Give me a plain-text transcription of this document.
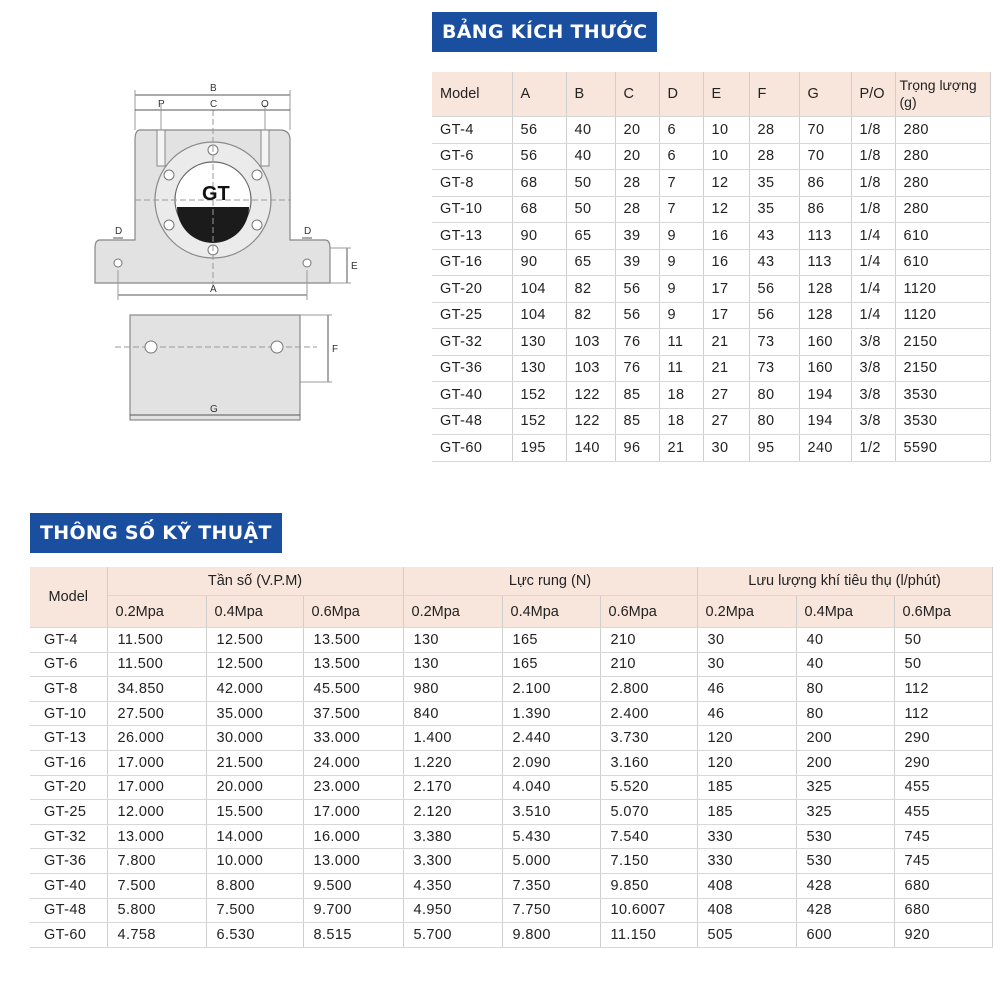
BẢNG KÍCH THƯỚC
GT
B
P	C	O
D	D
E
A
F
G
Model	A	B	C	D	E	F	G	P/O	Trọng lượng (g)
GT-4	56	40	20	6	10	28	70	1/8	280
GT-6	56	40	20	6	10	28	70	1/8	280
GT-8	68	50	28	7	12	35	86	1/8	280
GT-10	68	50	28	7	12	35	86	1/8	280
GT-13	90	65	39	9	16	43	113	1/4	610
GT-16	90	65	39	9	16	43	113	1/4	610
GT-20	104	82	56	9	17	56	128	1/4	1120
GT-25	104	82	56	9	17	56	128	1/4	1120
GT-32	130	103	76	11	21	73	160	3/8	2150
GT-36	130	103	76	11	21	73	160	3/8	2150
GT-40	152	122	85	18	27	80	194	3/8	3530
GT-48	152	122	85	18	27	80	194	3/8	3530
GT-60	195	140	96	21	30	95	240	1/2	5590
THÔNG SỐ KỸ THUẬT
Model	Tần số (V.P.M)			Lực rung (N)			Lưu lượng khí tiêu thụ (l/phút)		
	0.2Mpa	0.4Mpa	0.6Mpa	0.2Mpa	0.4Mpa	0.6Mpa	0.2Mpa	0.4Mpa	0.6Mpa
GT-4	11.500	12.500	13.500	130	165	210	30	40	50
GT-6	11.500	12.500	13.500	130	165	210	30	40	50
GT-8	34.850	42.000	45.500	980	2.100	2.800	46	80	112
GT-10	27.500	35.000	37.500	840	1.390	2.400	46	80	112
GT-13	26.000	30.000	33.000	1.400	2.440	3.730	120	200	290
GT-16	17.000	21.500	24.000	1.220	2.090	3.160	120	200	290
GT-20	17.000	20.000	23.000	2.170	4.040	5.520	185	325	455
GT-25	12.000	15.500	17.000	2.120	3.510	5.070	185	325	455
GT-32	13.000	14.000	16.000	3.380	5.430	7.540	330	530	745
GT-36	7.800	10.000	13.000	3.300	5.000	7.150	330	530	745
GT-40	7.500	8.800	9.500	4.350	7.350	9.850	408	428	680
GT-48	5.800	7.500	9.700	4.950	7.750	10.6007	408	428	680
GT-60	4.758	6.530	8.515	5.700	9.800	11.150	505	600	920
